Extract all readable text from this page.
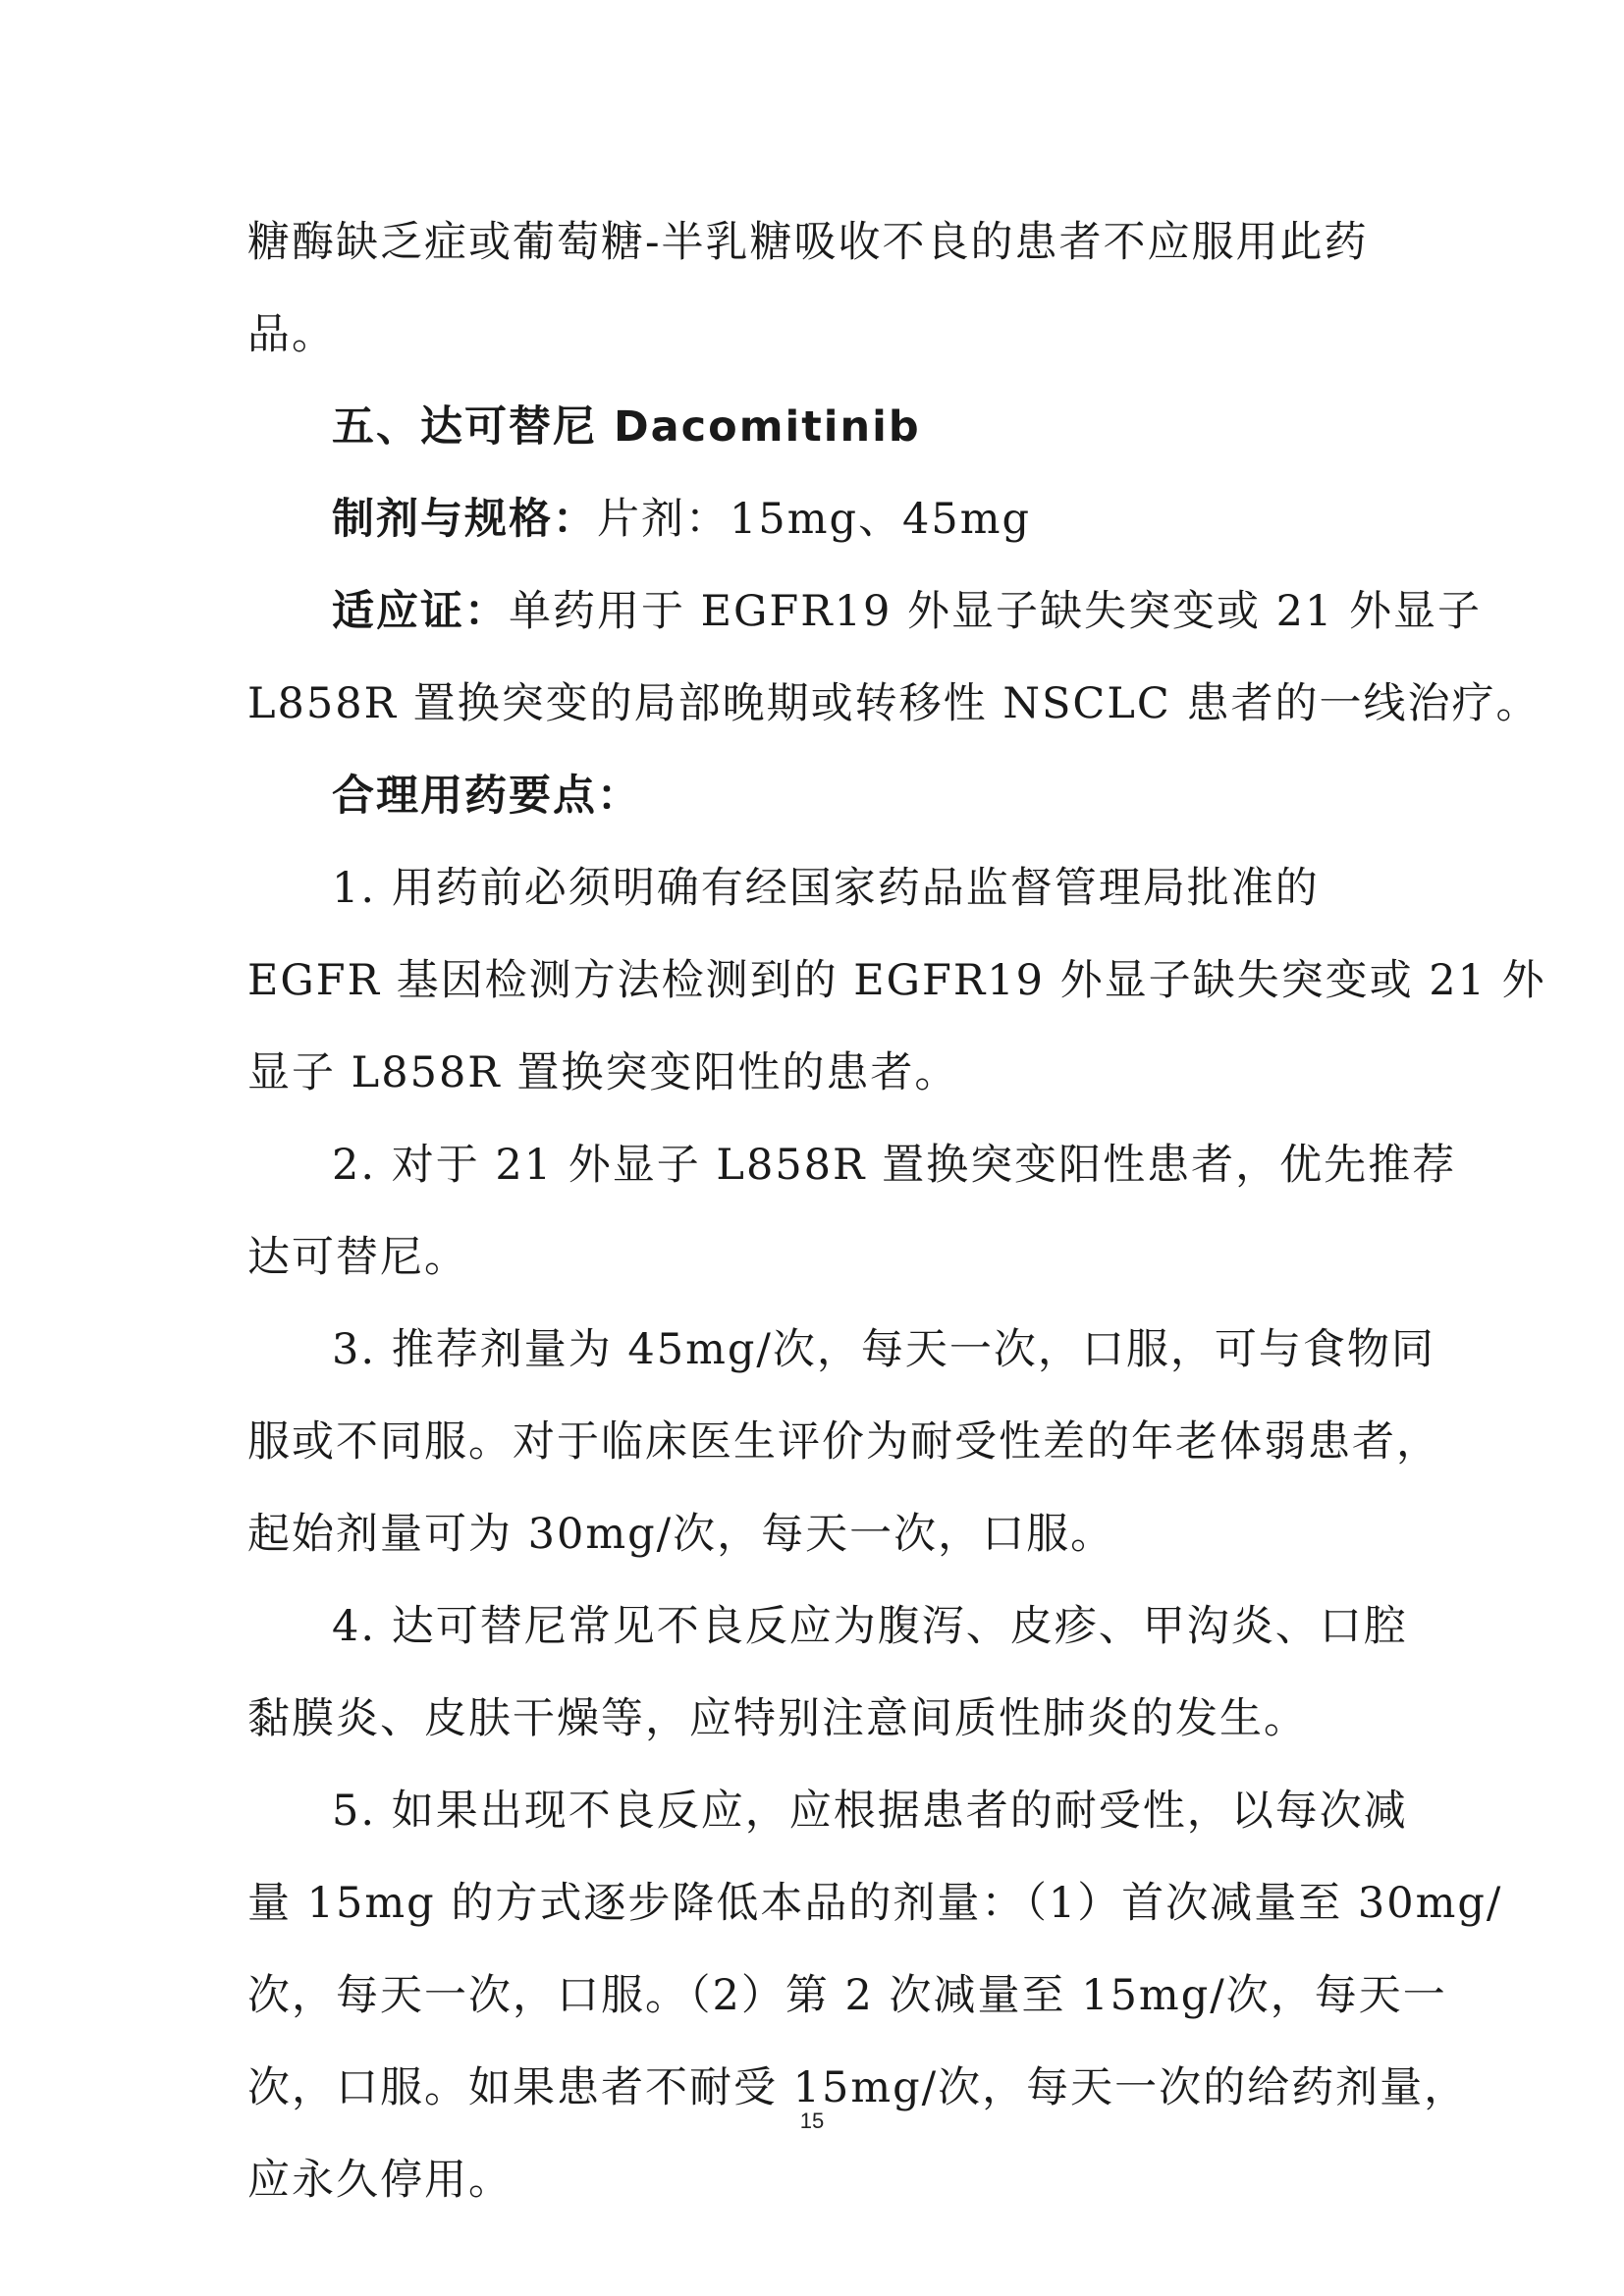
糖酶缺乏症或葡萄糖-半乳糖吸收不良的患者不应服用此药
品。
五、达可替尼 Dacomitinib
制剂与规格：片剂：15mg、45mg
适应证：单药用于 EGFR19 外显子缺失突变或 21 外显子
L858R 置换突变的局部晚期或转移性 NSCLC 患者的一线治疗。
合理用药要点：
1. 用药前必须明确有经国家药品监督管理局批准的
EGFR 基因检测方法检测到的 EGFR19 外显子缺失突变或 21 外
显子 L858R 置换突变阳性的患者。
2. 对于 21 外显子 L858R 置换突变阳性患者，优先推荐
达可替尼。
3. 推荐剂量为 45mg/次，每天一次，口服，可与食物同
服或不同服。对于临床医生评价为耐受性差的年老体弱患者，
起始剂量可为 30mg/次，每天一次，口服。
4. 达可替尼常见不良反应为腹泻、皮疹、甲沟炎、口腔
黏膜炎、皮肤干燥等，应特别注意间质性肺炎的发生。
5. 如果出现不良反应，应根据患者的耐受性，以每次减
量 15mg 的方式逐步降低本品的剂量：（1）首次减量至 30mg/
次，每天一次，口服。（2）第 2 次减量至 15mg/次，每天一
次，口服。如果患者不耐受 15mg/次，每天一次的给药剂量，
应永久停用。
15
